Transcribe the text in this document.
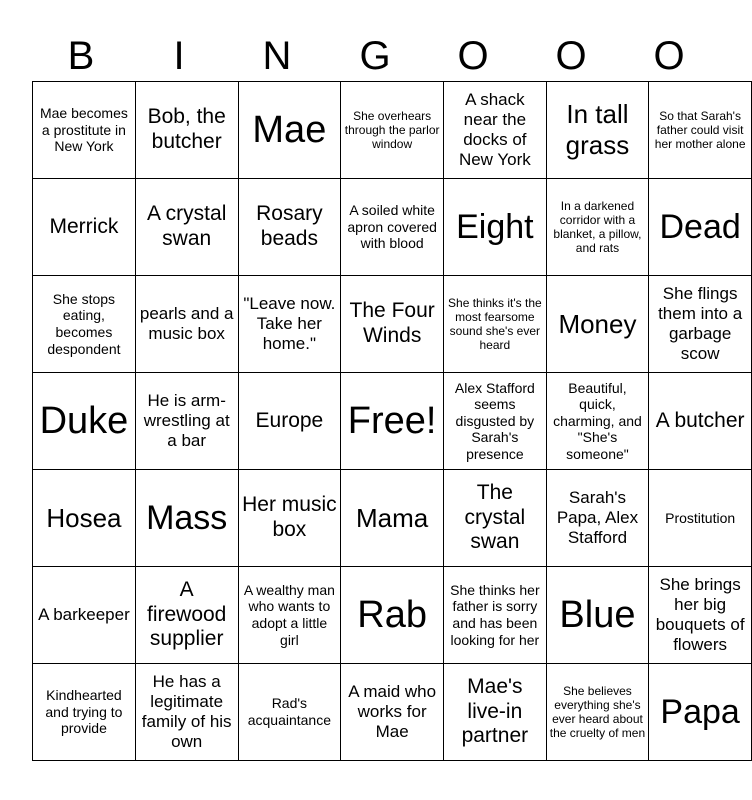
B	I	N	G	O	O	O
Mae becomes a prostitute in New York	Bob, the butcher	Mae	She overhears through the parlor window	A shack near the docks of New York	In tall grass	So that Sarah's father could visit her mother alone
Merrick	A crystal swan	Rosary beads	A soiled white apron covered with blood	Eight	In a darkened corridor with a blanket, a pillow, and rats	Dead
She stops eating, becomes despondent	pearls and a music box	"Leave now. Take her home."	The Four Winds	She thinks it's the most fearsome sound she's ever heard	Money	She flings them into a garbage scow
Duke	He is arm-wrestling at a bar	Europe	Free!	Alex Stafford seems disgusted by Sarah's presence	Beautiful, quick, charming, and "She's someone"	A butcher
Hosea	Mass	Her music box	Mama	The crystal swan	Sarah's Papa, Alex Stafford	Prostitution
A barkeeper	A firewood supplier	A wealthy man who wants to adopt a little girl	Rab	She thinks her father is sorry and has been looking for her	Blue	She brings her big bouquets of flowers
Kindhearted and trying to provide	He has a legitimate family of his own	Rad's acquaintance	A maid who works for Mae	Mae's live-in partner	She believes everything she's ever heard about the cruelty of men	Papa
